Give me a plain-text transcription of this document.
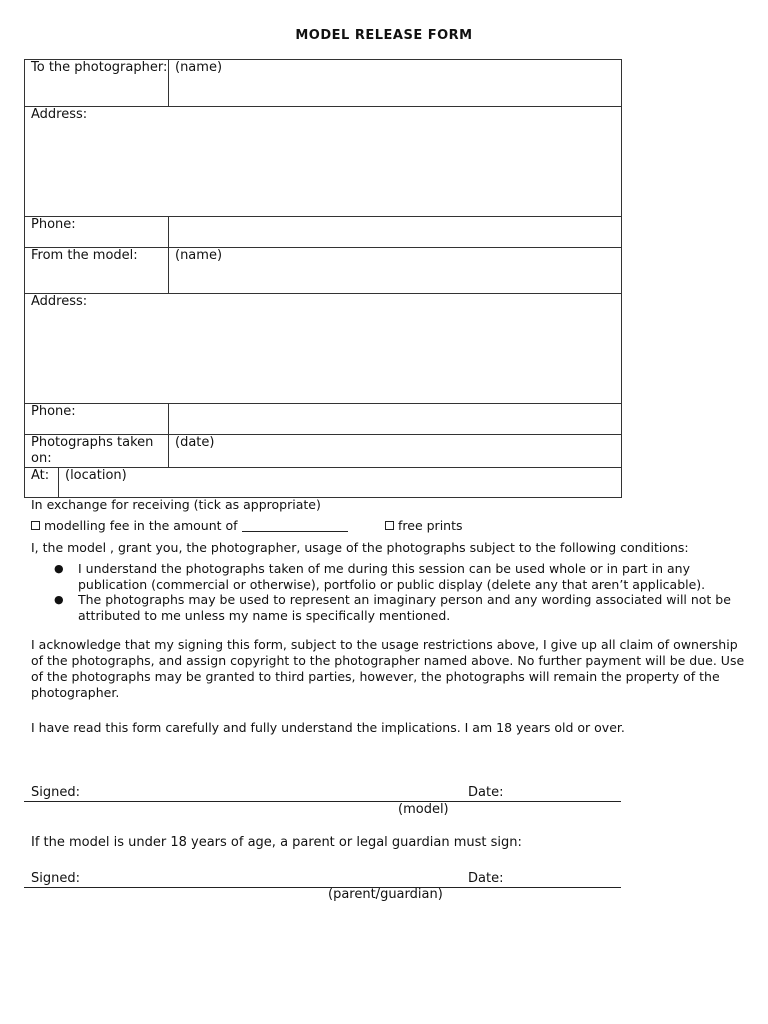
MODEL RELEASE FORM
To the photographer:		(name)
Address:		
Phone:		
From the model:		(name)
Address:		
Phone:		
Photographs taken on:		(date)
At:	(location)	
In exchange for receiving (tick as appropriate)
modelling fee in the amount of	free prints
I, the model , grant you, the photographer, usage of the photographs subject to the following conditions:
● I understand the photographs taken of me during this session can be used whole or in part in any publication (commercial or otherwise), portfolio or public display (delete any that aren’t applicable).
● The photographs may be used to represent an imaginary person and any wording associated will not be attributed to me unless my name is specifically mentioned.
I acknowledge that my signing this form, subject to the usage restrictions above, I give up all claim of ownership of the photographs, and assign copyright to the photographer named above. No further payment will be due. Use of the photographs may be granted to third parties, however, the photographs will remain the property of the photographer.
I have read this form carefully and fully understand the implications. I am 18 years old or over.
Signed:	Date:
(model)
If the model is under 18 years of age, a parent or legal guardian must sign:
Signed:	Date:
(parent/guardian)
